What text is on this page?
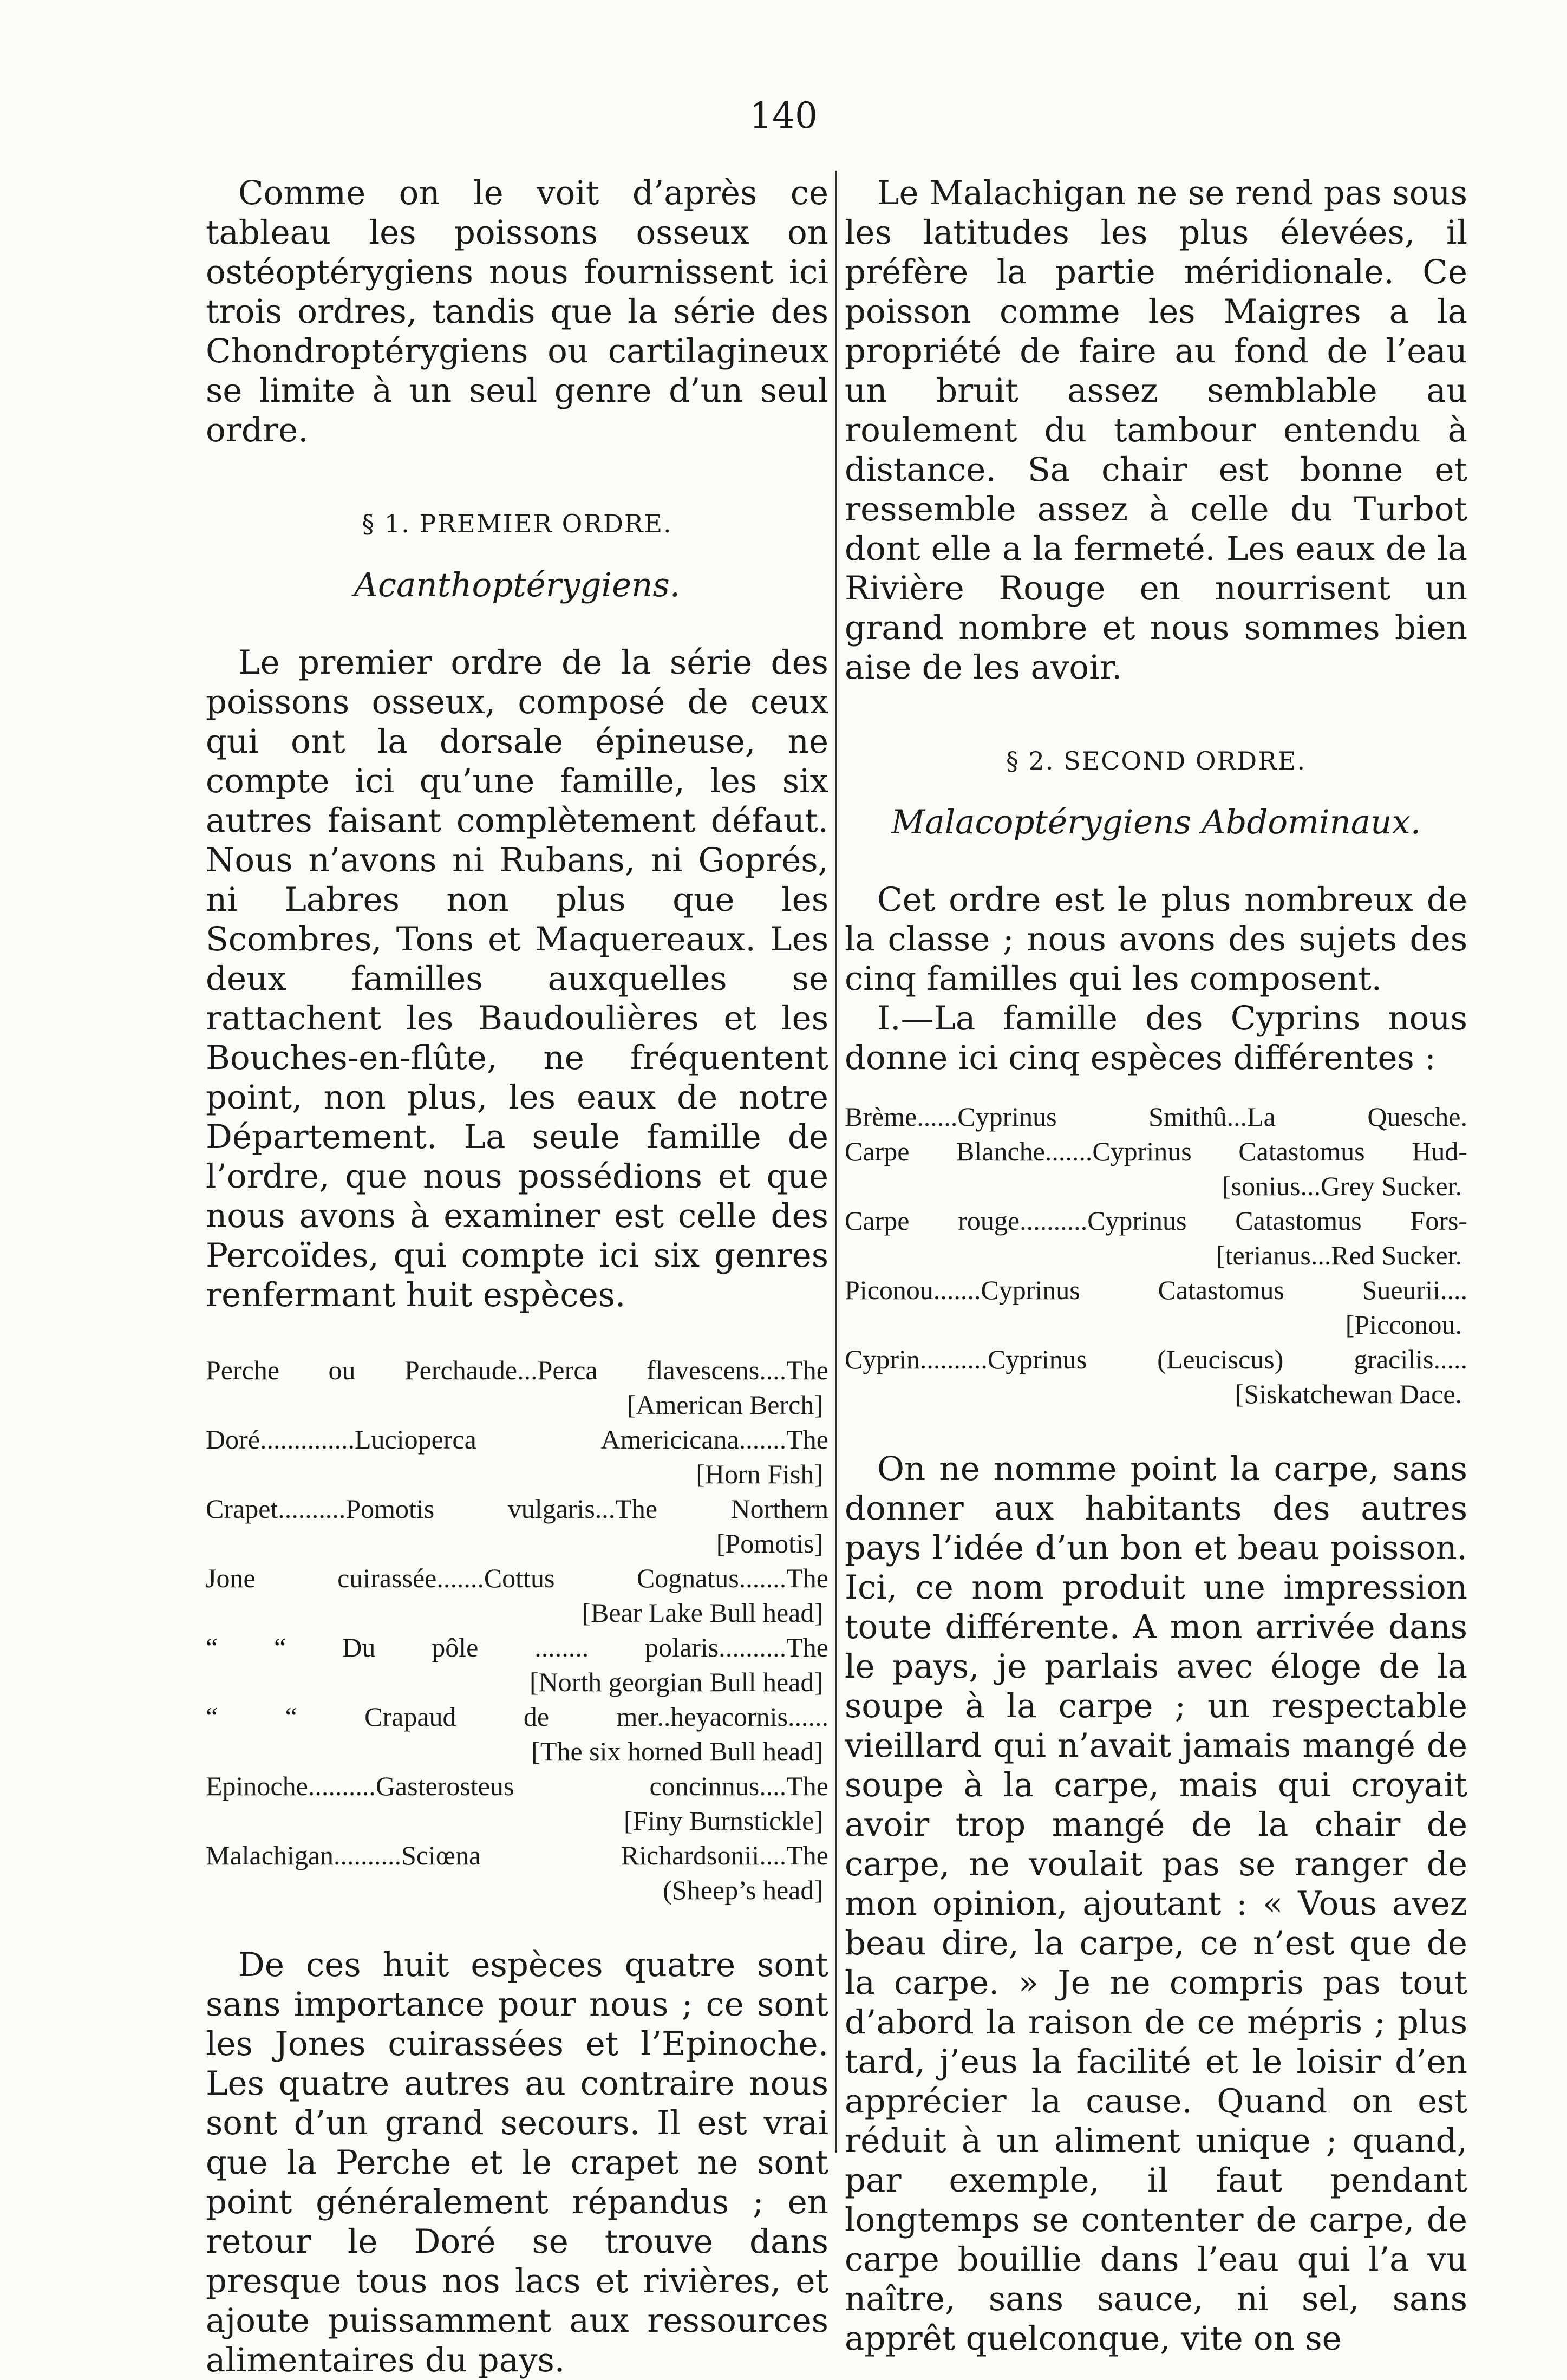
140

Comme on le voit d’après ce tableau les poissons osseux on ostéoptérygiens nous fournissent ici trois ordres, tandis que la série des Chondroptérygiens ou cartilagineux se limite à un seul genre d’un seul ordre.

§ 1. PREMIER ORDRE.

Acanthoptérygiens.

Le premier ordre de la série des poissons osseux, composé de ceux qui ont la dorsale épineuse, ne compte ici qu’une famille, les six autres faisant complètement défaut. Nous n’avons ni Rubans, ni Goprés, ni Labres non plus que les Scombres, Tons et Maquereaux. Les deux familles auxquelles se rattachent les Baudoulières et les Bouches-en-flûte, ne fréquentent point, non plus, les eaux de notre Département. La seule famille de l’ordre, que nous possédions et que nous avons à examiner est celle des Percoïdes, qui compte ici six genres renfermant huit espèces.

Perche ou Perchaude...Perca flavescens....The
[American Berch]
Doré..............Lucioperca Americicana.......The
[Horn Fish]
Crapet..........Pomotis vulgaris...The Northern
[Pomotis]
Jone cuirassée.......Cottus Cognatus.......The
[Bear Lake Bull head]
“ “ Du pôle ........ polaris..........The
[North georgian Bull head]
“ “ Crapaud de mer..heyacornis......
[The six horned Bull head]
Epinoche..........Gasterosteus concinnus....The
[Finy Burnstickle]
Malachigan..........Sciœna Richardsonii....The
(Sheep’s head]

De ces huit espèces quatre sont sans importance pour nous ; ce sont les Jones cuirassées et l’Epinoche. Les quatre autres au contraire nous sont d’un grand secours. Il est vrai que la Perche et le crapet ne sont point généralement répandus ; en retour le Doré se trouve dans presque tous nos lacs et rivières, et ajoute puissamment aux ressources alimentaires du pays.

Le Malachigan ne se rend pas sous les latitudes les plus élevées, il préfère la partie méridionale. Ce poisson comme les Maigres a la propriété de faire au fond de l’eau un bruit assez semblable au roulement du tambour entendu à distance. Sa chair est bonne et ressemble assez à celle du Turbot dont elle a la fermeté. Les eaux de la Rivière Rouge en nourrisent un grand nombre et nous sommes bien aise de les avoir.

§ 2. SECOND ORDRE.

Malacoptérygiens Abdominaux.

Cet ordre est le plus nombreux de la classe ; nous avons des sujets des cinq familles qui les composent.

I.—La famille des Cyprins nous donne ici cinq espèces différentes :

Brème......Cyprinus Smithû...La Quesche.
Carpe Blanche.......Cyprinus Catastomus Hud-
[sonius...Grey Sucker.
Carpe rouge..........Cyprinus Catastomus Fors-
[terianus...Red Sucker.
Piconou.......Cyprinus Catastomus Sueurii....
[Picconou.
Cyprin..........Cyprinus (Leuciscus) gracilis.....
[Siskatchewan Dace.

On ne nomme point la carpe, sans donner aux habitants des autres pays l’idée d’un bon et beau poisson. Ici, ce nom produit une impression toute différente. A mon arrivée dans le pays, je parlais avec éloge de la soupe à la carpe ; un respectable vieillard qui n’avait jamais mangé de soupe à la carpe, mais qui croyait avoir trop mangé de la chair de carpe, ne voulait pas se ranger de mon opinion, ajoutant : « Vous avez beau dire, la carpe, ce n’est que de la carpe. » Je ne compris pas tout d’abord la raison de ce mépris ; plus tard, j’eus la facilité et le loisir d’en apprécier la cause. Quand on est réduit à un aliment unique ; quand, par exemple, il faut pendant longtemps se contenter de carpe, de carpe bouillie dans l’eau qui l’a vu naître, sans sauce, ni sel, sans apprêt quelconque, vite on se
